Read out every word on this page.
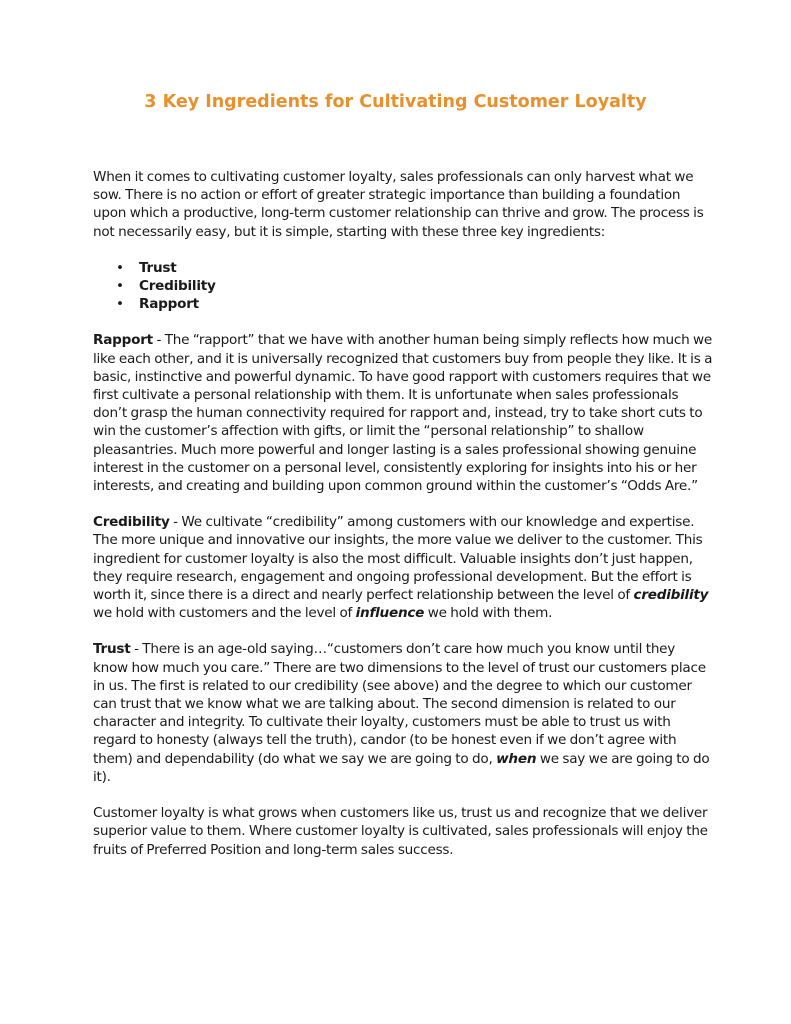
3 Key Ingredients for Cultivating Customer Loyalty

When it comes to cultivating customer loyalty, sales professionals can only harvest what we sow. There is no action or effort of greater strategic importance than building a foundation upon which a productive, long-term customer relationship can thrive and grow. The process is not necessarily easy, but it is simple, starting with these three key ingredients:

• Trust
• Credibility
• Rapport

Rapport - The “rapport” that we have with another human being simply reflects how much we like each other, and it is universally recognized that customers buy from people they like. It is a basic, instinctive and powerful dynamic. To have good rapport with customers requires that we first cultivate a personal relationship with them. It is unfortunate when sales professionals don’t grasp the human connectivity required for rapport and, instead, try to take short cuts to win the customer’s affection with gifts, or limit the “personal relationship” to shallow pleasantries. Much more powerful and longer lasting is a sales professional showing genuine interest in the customer on a personal level, consistently exploring for insights into his or her interests, and creating and building upon common ground within the customer’s “Odds Are.”

Credibility - We cultivate “credibility” among customers with our knowledge and expertise. The more unique and innovative our insights, the more value we deliver to the customer. This ingredient for customer loyalty is also the most difficult. Valuable insights don’t just happen, they require research, engagement and ongoing professional development. But the effort is worth it, since there is a direct and nearly perfect relationship between the level of credibility we hold with customers and the level of influence we hold with them.

Trust - There is an age-old saying…“customers don’t care how much you know until they know how much you care.” There are two dimensions to the level of trust our customers place in us. The first is related to our credibility (see above) and the degree to which our customer can trust that we know what we are talking about. The second dimension is related to our character and integrity. To cultivate their loyalty, customers must be able to trust us with regard to honesty (always tell the truth), candor (to be honest even if we don’t agree with them) and dependability (do what we say we are going to do, when we say we are going to do it).

Customer loyalty is what grows when customers like us, trust us and recognize that we deliver superior value to them. Where customer loyalty is cultivated, sales professionals will enjoy the fruits of Preferred Position and long-term sales success.
